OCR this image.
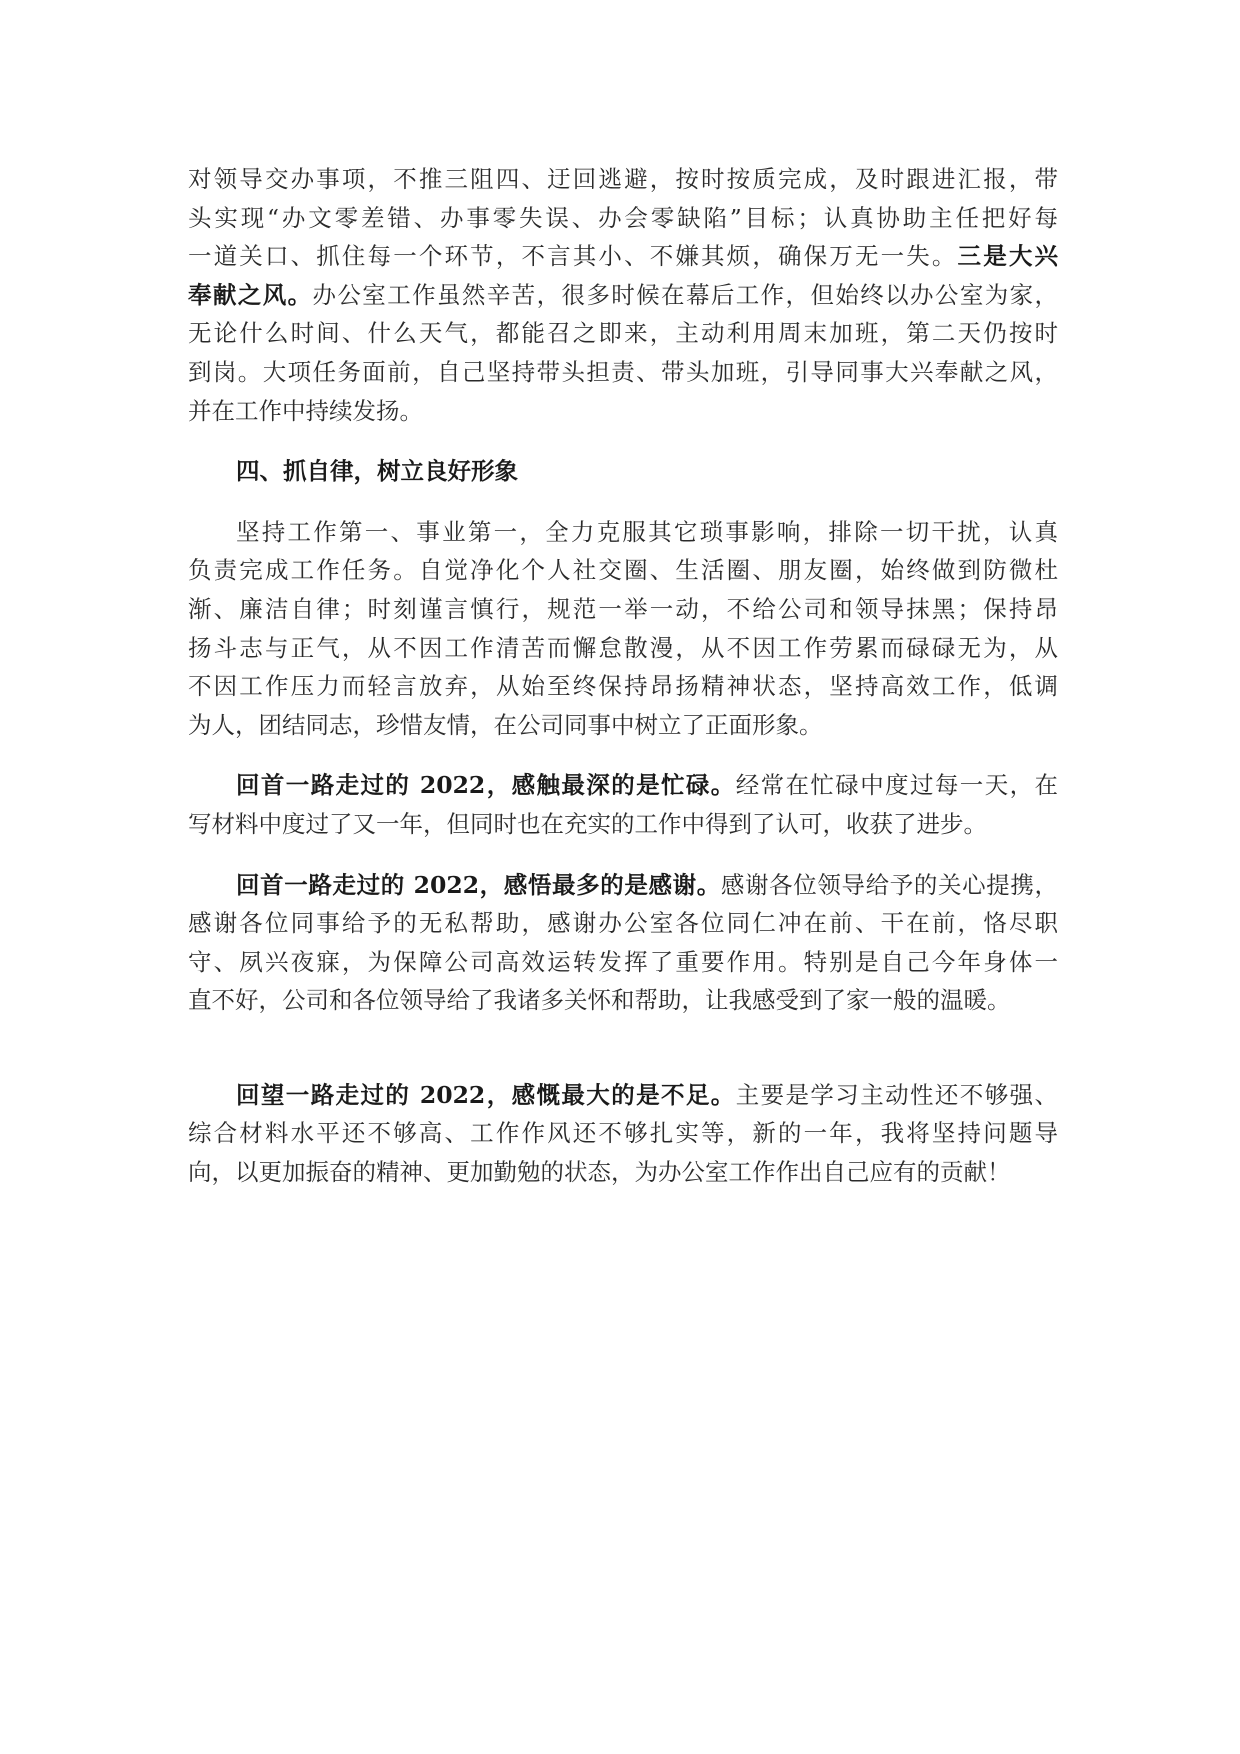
对领导交办事项，不推三阻四、迂回逃避，按时按质完成，及时跟进汇报，带
头实现“办文零差错、办事零失误、办会零缺陷”目标；认真协助主任把好每
一道关口、抓住每一个环节，不言其小、不嫌其烦，确保万无一失。三是大兴
奉献之风。办公室工作虽然辛苦，很多时候在幕后工作，但始终以办公室为家，
无论什么时间、什么天气，都能召之即来，主动利用周末加班，第二天仍按时
到岗。大项任务面前，自己坚持带头担责、带头加班，引导同事大兴奉献之风，
并在工作中持续发扬。
四、抓自律，树立良好形象
坚持工作第一、事业第一，全力克服其它琐事影响，排除一切干扰，认真
负责完成工作任务。自觉净化个人社交圈、生活圈、朋友圈，始终做到防微杜
渐、廉洁自律；时刻谨言慎行，规范一举一动，不给公司和领导抹黑；保持昂
扬斗志与正气，从不因工作清苦而懈怠散漫，从不因工作劳累而碌碌无为，从
不因工作压力而轻言放弃，从始至终保持昂扬精神状态，坚持高效工作，低调
为人，团结同志，珍惜友情，在公司同事中树立了正面形象。
回首一路走过的 2022，感触最深的是忙碌。经常在忙碌中度过每一天，在
写材料中度过了又一年，但同时也在充实的工作中得到了认可，收获了进步。
回首一路走过的 2022，感悟最多的是感谢。感谢各位领导给予的关心提携，
感谢各位同事给予的无私帮助，感谢办公室各位同仁冲在前、干在前，恪尽职
守、夙兴夜寐，为保障公司高效运转发挥了重要作用。特别是自己今年身体一
直不好，公司和各位领导给了我诸多关怀和帮助，让我感受到了家一般的温暖。
回望一路走过的 2022，感慨最大的是不足。主要是学习主动性还不够强、
综合材料水平还不够高、工作作风还不够扎实等，新的一年，我将坚持问题导
向，以更加振奋的精神、更加勤勉的状态，为办公室工作作出自己应有的贡献！
